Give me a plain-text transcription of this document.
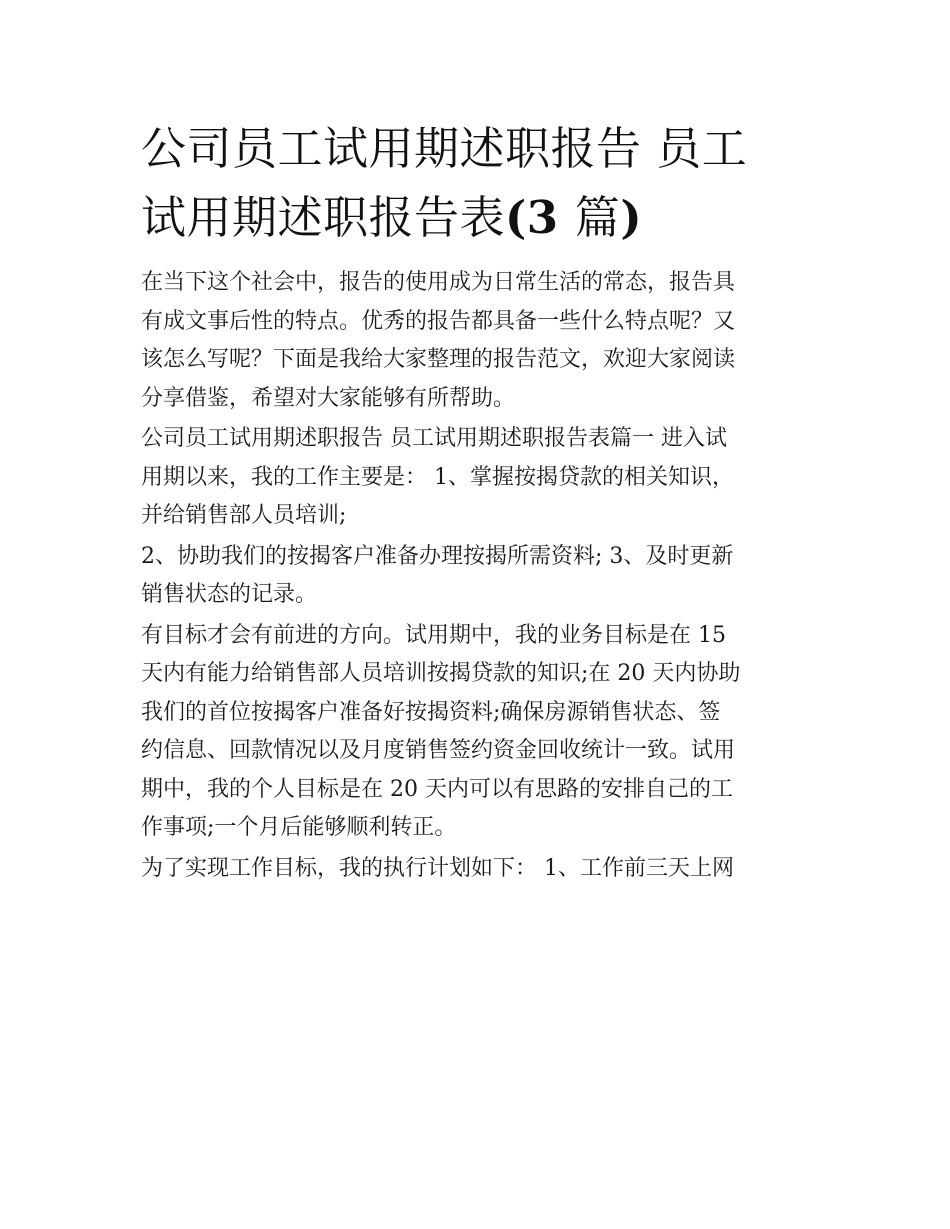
公司员工试用期述职报告 员工
试用期述职报告表(3 篇)

在当下这个社会中，报告的使用成为日常生活的常态，报告具
有成文事后性的特点。优秀的报告都具备一些什么特点呢？又
该怎么写呢？下面是我给大家整理的报告范文，欢迎大家阅读
分享借鉴，希望对大家能够有所帮助。

公司员工试用期述职报告 员工试用期述职报告表篇一 进入试
用期以来，我的工作主要是： 1、掌握按揭贷款的相关知识，
并给销售部人员培训;

2、协助我们的按揭客户准备办理按揭所需资料; 3、及时更新
销售状态的记录。

有目标才会有前进的方向。试用期中，我的业务目标是在 15
天内有能力给销售部人员培训按揭贷款的知识;在 20 天内协助
我们的首位按揭客户准备好按揭资料;确保房源销售状态、签
约信息、回款情况以及月度销售签约资金回收统计一致。试用
期中，我的个人目标是在 20 天内可以有思路的安排自己的工
作事项;一个月后能够顺利转正。

为了实现工作目标，我的执行计划如下： 1、工作前三天上网
